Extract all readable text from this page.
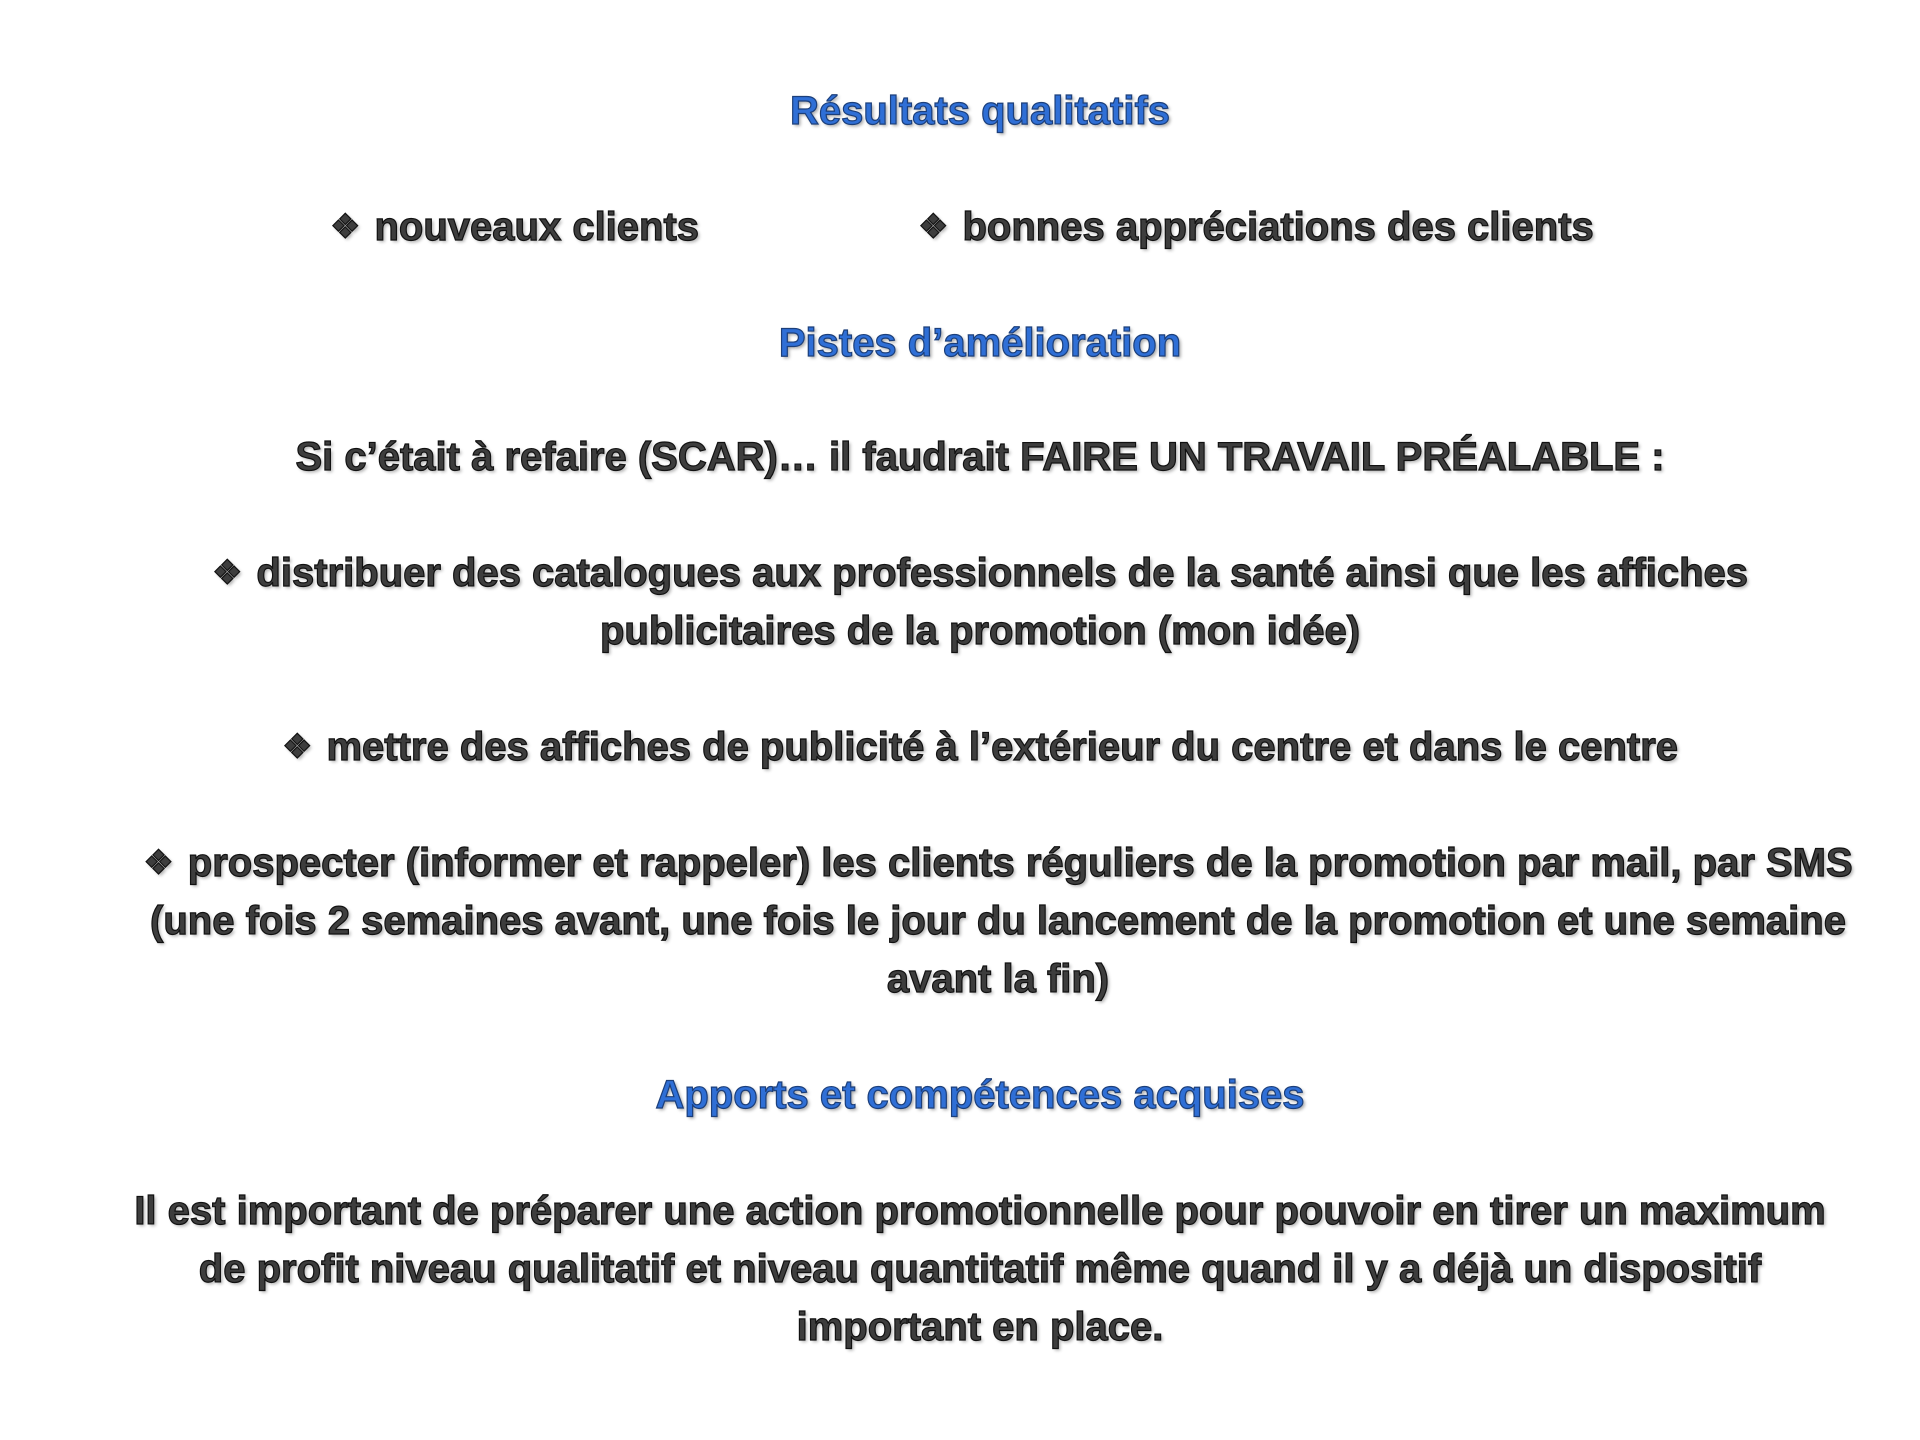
Résultats qualitatifs
❖ nouveaux clients	❖ bonnes appréciations des clients
Pistes d’amélioration
Si c’était à refaire (SCAR)… il faudrait FAIRE UN TRAVAIL PRÉALABLE :
❖ distribuer des catalogues aux professionnels de la santé ainsi que les affiches publicitaires de la promotion (mon idée)
❖ mettre des affiches de publicité à l’extérieur du centre et dans le centre
❖ prospecter (informer et rappeler) les clients réguliers de la promotion par mail, par SMS (une fois 2 semaines avant, une fois le jour du lancement de la promotion et une semaine avant la fin)
Apports et compétences acquises
Il est important de préparer une action promotionnelle pour pouvoir en tirer un maximum de profit niveau qualitatif et niveau quantitatif même quand il y a déjà un dispositif important en place.
